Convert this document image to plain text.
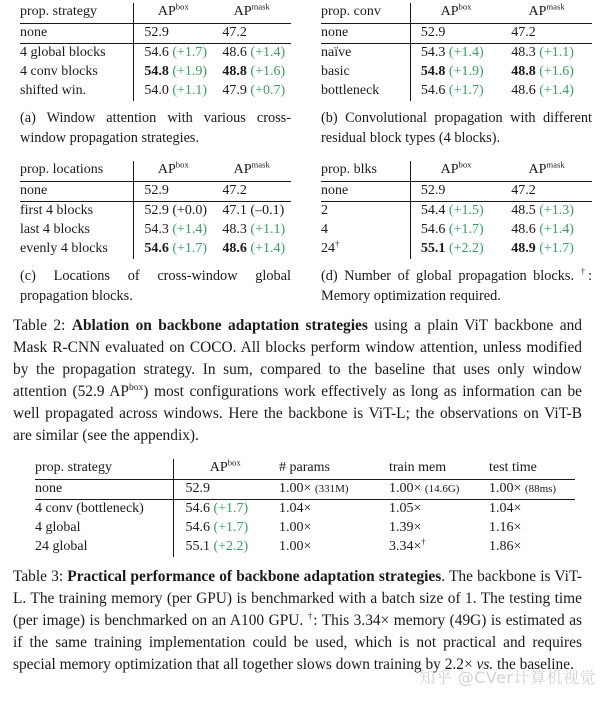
prop. strategy	$AP^{box}$	$AP^{mask}$
none	52.9	47.2
4 global blocks	54.6 (+1.7)	48.6 (+1.4)
4 conv blocks	54.8 (+1.9)	48.8 (+1.6)
shifted win.	54.0 (+1.1)	47.9 (+0.7)
(a) Window attention with various cross-window propagation strategies.
prop. conv	$AP^{box}$	$AP^{mask}$
none	52.9	47.2
naïve	54.3 (+1.4)	48.3 (+1.1)
basic	54.8 (+1.9)	48.8 (+1.6)
bottleneck	54.6 (+1.7)	48.6 (+1.4)
(b) Convolutional propagation with different residual block types (4 blocks).
prop. locations	$AP^{box}$	$AP^{mask}$
none	52.9	47.2
first 4 blocks	52.9 (+0.0)	47.1 (–0.1)
last 4 blocks	54.3 (+1.4)	48.3 (+1.1)
evenly 4 blocks	54.6 (+1.7)	48.6 (+1.4)
(c) Locations of cross-window global propagation blocks.
prop. blks	$AP^{box}$	$AP^{mask}$
none	52.9	47.2
2	54.4 (+1.5)	48.5 (+1.3)
4	54.6 (+1.7)	48.6 (+1.4)
24†	55.1 (+2.2)	48.9 (+1.7)
(d) Number of global propagation blocks. †: Memory optimization required.

Table 2: Ablation on backbone adaptation strategies using a plain ViT backbone and Mask R-CNN evaluated on COCO. All blocks perform window attention, unless modified by the propagation strategy. In sum, compared to the baseline that uses only window attention (52.9 $AP^{box}$) most configurations work effectively as long as information can be well propagated across windows. Here the backbone is ViT-L; the observations on ViT-B are similar (see the appendix).

prop. strategy	$AP^{box}$	# params	train mem	test time
none	52.9	1.00× (331M)	1.00× (14.6G)	1.00× (88ms)
4 conv (bottleneck)	54.6 (+1.7)	1.04×	1.05×	1.04×
4 global	54.6 (+1.7)	1.00×	1.39×	1.16×
24 global	55.1 (+2.2)	1.00×	3.34×†	1.86×

Table 3: Practical performance of backbone adaptation strategies. The backbone is ViT-L. The training memory (per GPU) is benchmarked with a batch size of 1. The testing time (per image) is benchmarked on an A100 GPU. †: This 3.34× memory (49G) is estimated as if the same training implementation could be used, which is not practical and requires special memory optimization that all together slows down training by 2.2× vs. the baseline.

知乎 @CVer计算机视觉
